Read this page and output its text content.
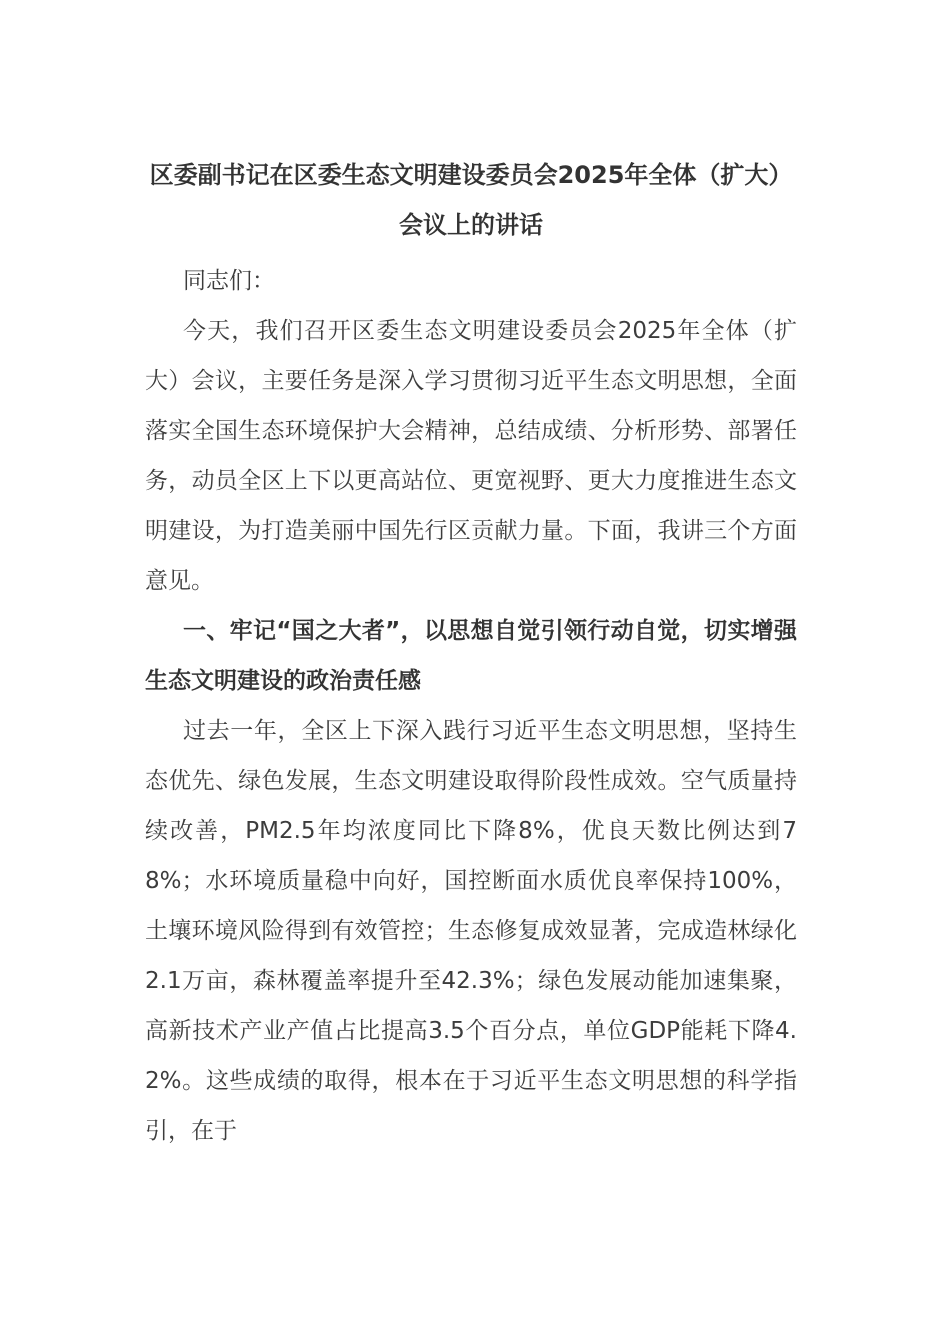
区委副书记在区委生态文明建设委员会2025年全体（扩大）会议上的讲话

同志们：

今天，我们召开区委生态文明建设委员会2025年全体（扩大）会议，主要任务是深入学习贯彻习近平生态文明思想，全面落实全国生态环境保护大会精神，总结成绩、分析形势、部署任务，动员全区上下以更高站位、更宽视野、更大力度推进生态文明建设，为打造美丽中国先行区贡献力量。下面，我讲三个方面意见。

一、牢记“国之大者”，以思想自觉引领行动自觉，切实增强生态文明建设的政治责任感

过去一年，全区上下深入践行习近平生态文明思想，坚持生态优先、绿色发展，生态文明建设取得阶段性成效。空气质量持续改善，PM2.5年均浓度同比下降8%，优良天数比例达到78%；水环境质量稳中向好，国控断面水质优良率保持100%，土壤环境风险得到有效管控；生态修复成效显著，完成造林绿化2.1万亩，森林覆盖率提升至42.3%；绿色发展动能加速集聚，高新技术产业产值占比提高3.5个百分点，单位GDP能耗下降4.2%。这些成绩的取得，根本在于习近平生态文明思想的科学指引，在于
